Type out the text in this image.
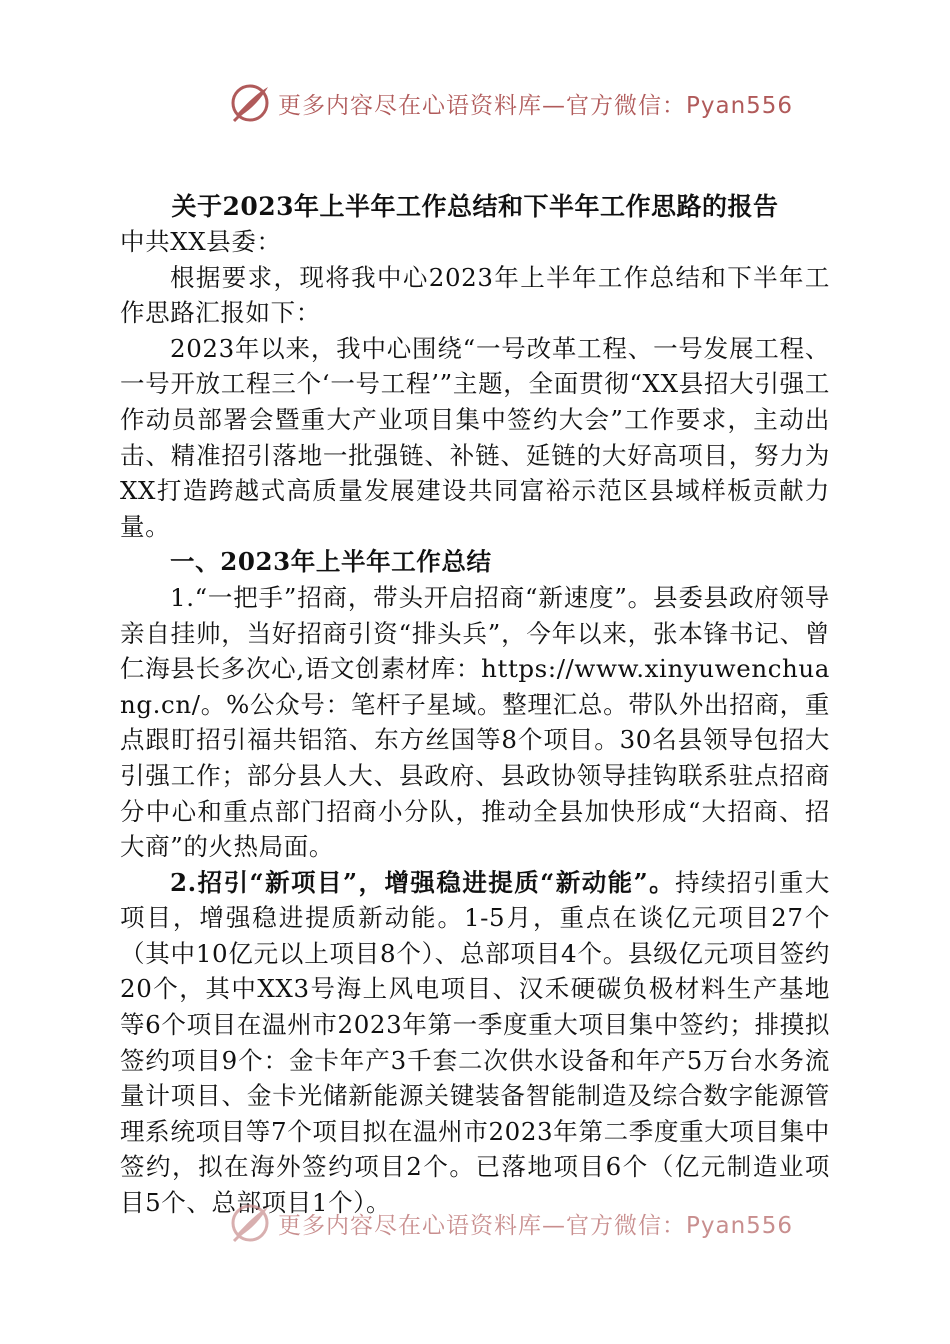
更多内容尽在心语资料库—官方微信：Pyan556
关于2023年上半年工作总结和下半年工作思路的报告

中共XX县委：

根据要求，现将我中心2023年上半年工作总结和下半年工作思路汇报如下：

2023年以来，我中心围绕“一号改革工程、一号发展工程、一号开放工程三个‘一号工程’”主题，全面贯彻“XX县招大引强工作动员部署会暨重大产业项目集中签约大会”工作要求，主动出击、精准招引落地一批强链、补链、延链的大好高项目，努力为XX打造跨越式高质量发展建设共同富裕示范区县域样板贡献力量。

一、2023年上半年工作总结

1.“一把手”招商，带头开启招商“新速度”。县委县政府领导亲自挂帅，当好招商引资“排头兵”，今年以来，张本锋书记、曾仁海县长多次心,语文创素材库：https://www.xinyuwenchuang.cn/。%公众号：笔杆子星域。整理汇总。带队外出招商，重点跟盯招引福共铝箔、东方丝国等8个项目。30名县领导包招大引强工作；部分县人大、县政府、县政协领导挂钩联系驻点招商分中心和重点部门招商小分队，推动全县加快形成“大招商、招大商”的火热局面。

2.招引“新项目”，增强稳进提质“新动能”。持续招引重大项目，增强稳进提质新动能。1-5月，重点在谈亿元项目27个（其中10亿元以上项目8个）、总部项目4个。县级亿元项目签约20个，其中XX3号海上风电项目、汉禾硬碳负极材料生产基地等6个项目在温州市2023年第一季度重大项目集中签约；排摸拟签约项目9个：金卡年产3千套二次供水设备和年产5万台水务流量计项目、金卡光储新能源关键装备智能制造及综合数字能源管理系统项目等7个项目拟在温州市2023年第二季度重大项目集中签约，拟在海外签约项目2个。已落地项目6个（亿元制造业项目5个、总部项目1个）。

更多内容尽在心语资料库—官方微信：Pyan556
